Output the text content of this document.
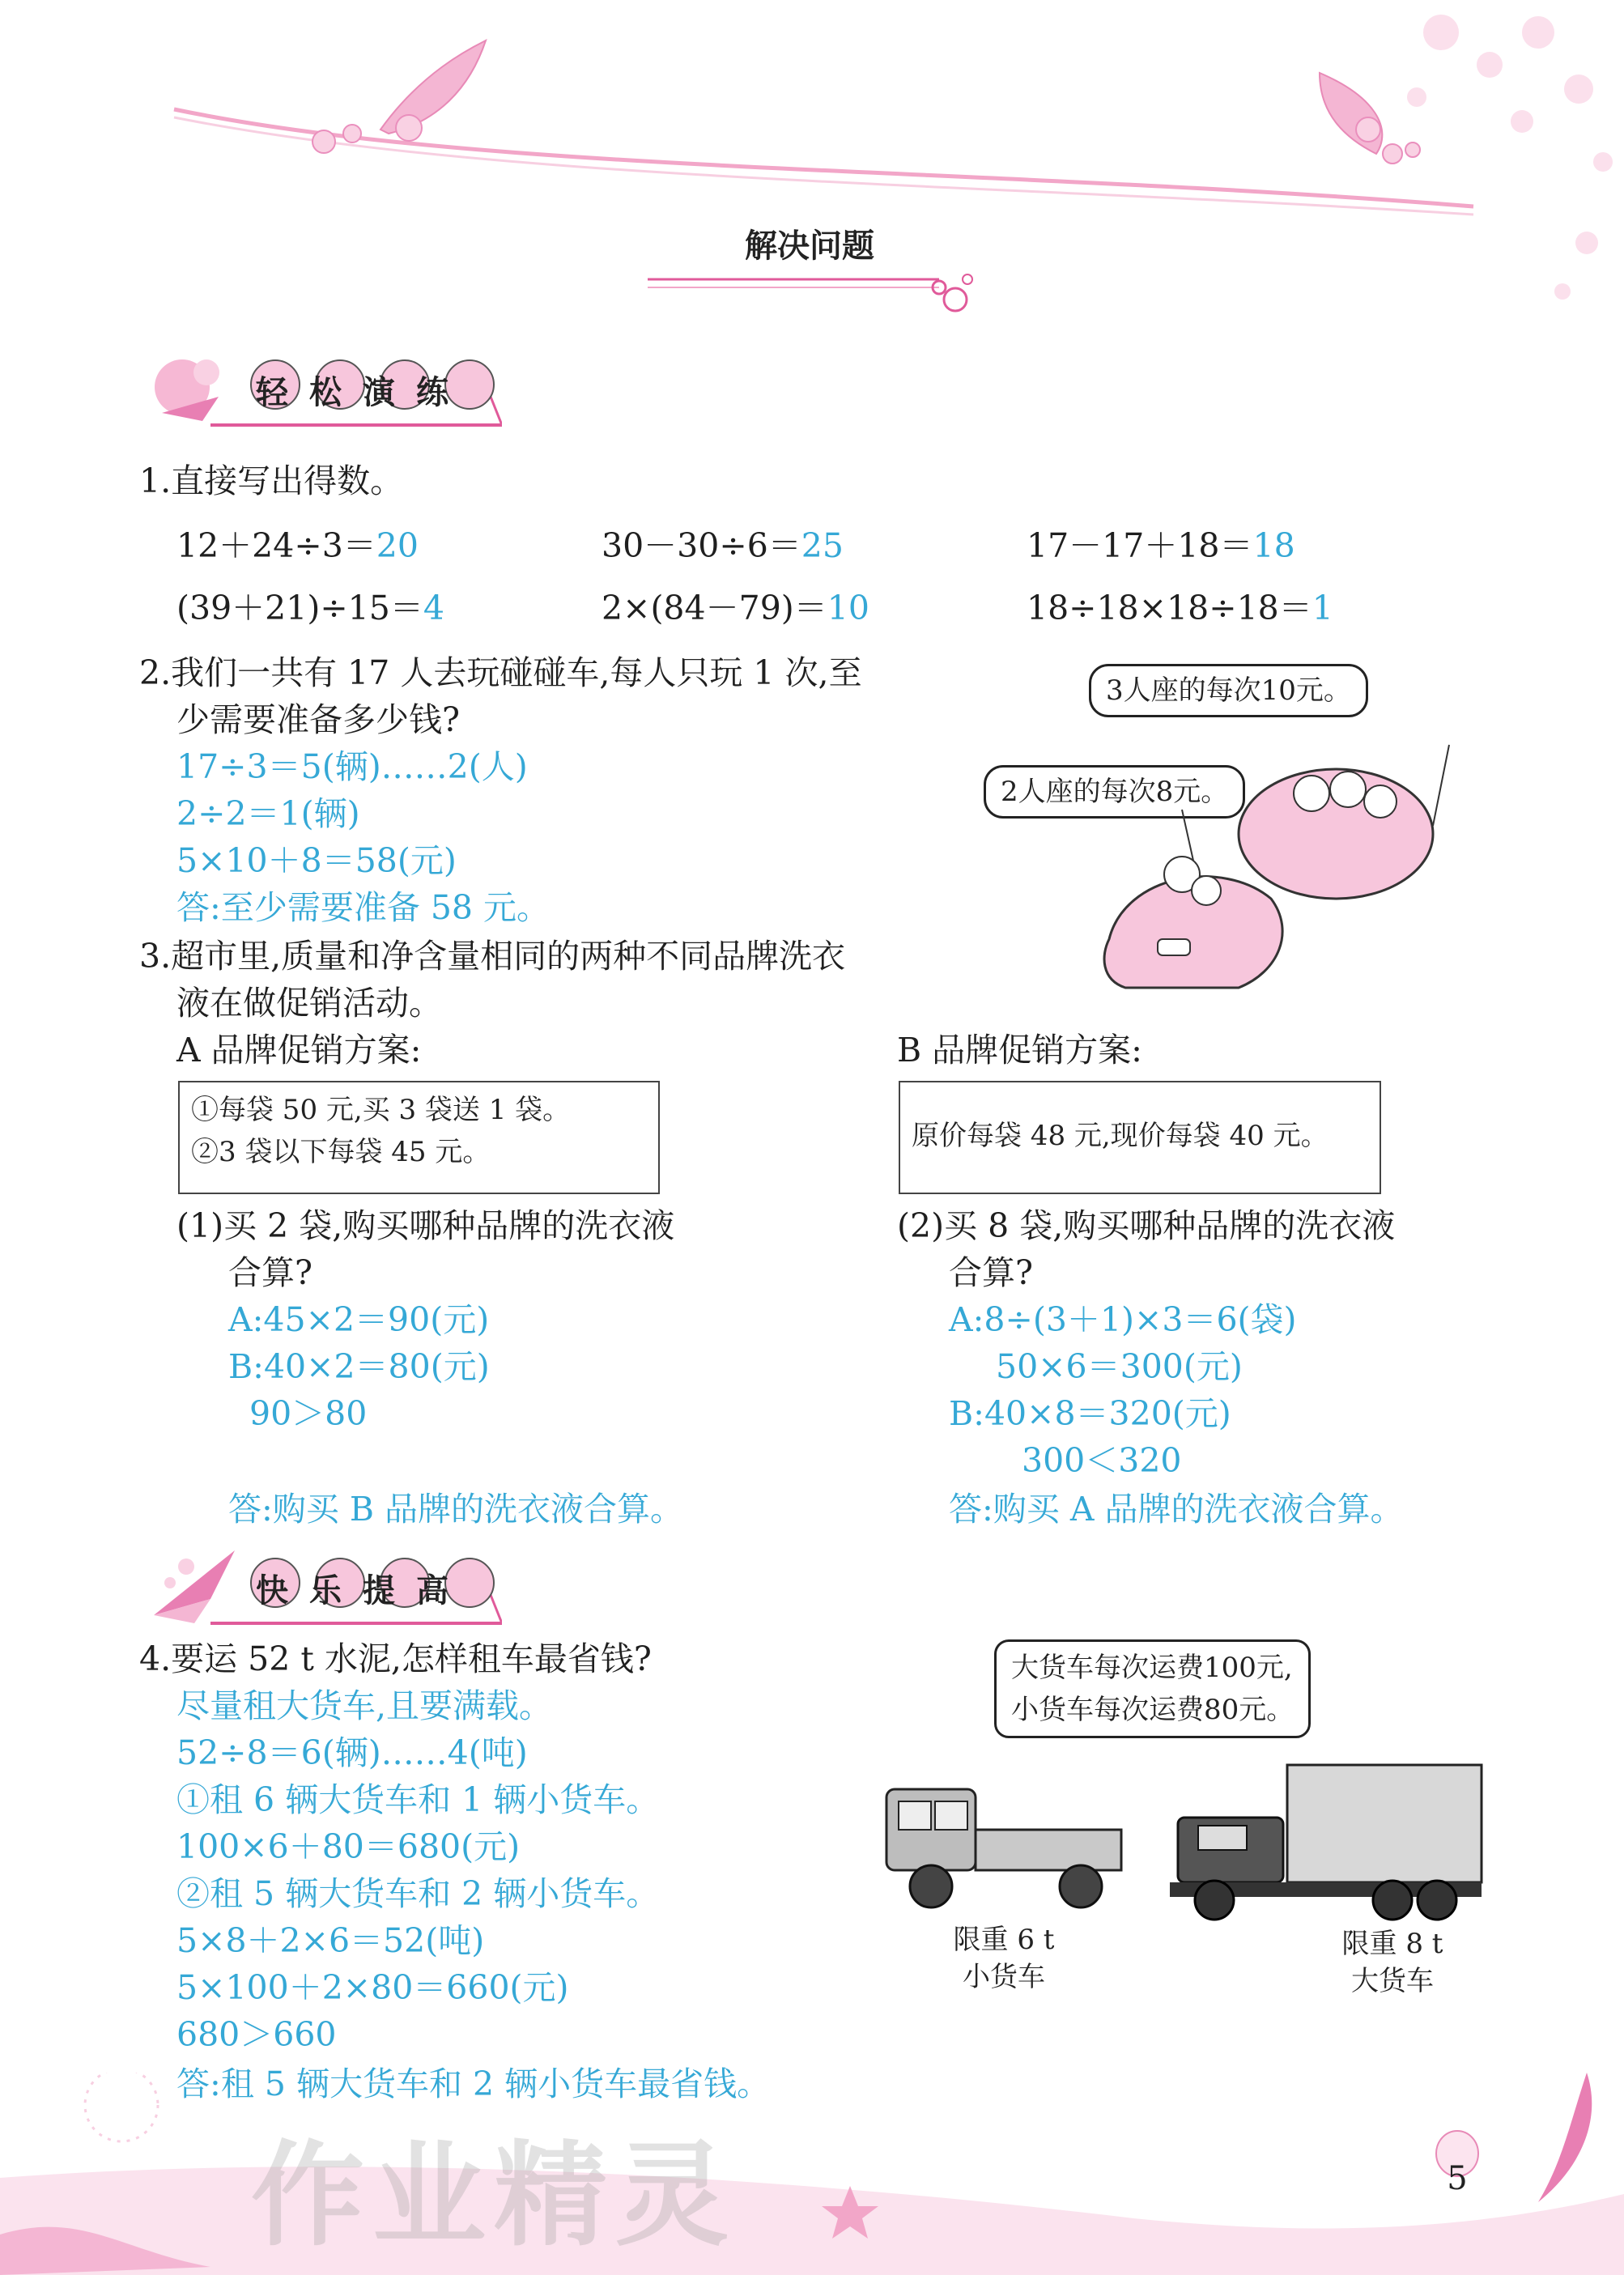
解决问题
轻松演练
1.直接写出得数。
12＋24÷3＝20	30－30÷6＝25	17－17＋18＝18
(39＋21)÷15＝4	2×(84－79)＝10	18÷18×18÷18＝1
2.我们一共有 17 人去玩碰碰车,每人只玩 1 次,至
少需要准备多少钱?
17÷3＝5(辆)……2(人)
2÷2＝1(辆)
5×10＋8＝58(元)
答:至少需要准备 58 元。
3人座的每次10元。
2人座的每次8元。
3.超市里,质量和净含量相同的两种不同品牌洗衣
液在做促销活动。
A 品牌促销方案:	B 品牌促销方案:
①每袋 50 元,买 3 袋送 1 袋。
②3 袋以下每袋 45 元。	原价每袋 48 元,现价每袋 40 元。
(1)买 2 袋,购买哪种品牌的洗衣液
合算?
A:45×2＝90(元)
B:40×2＝80(元)
90＞80
答:购买 B 品牌的洗衣液合算。
(2)买 8 袋,购买哪种品牌的洗衣液
合算?
A:8÷(3＋1)×3＝6(袋)
50×6＝300(元)
B:40×8＝320(元)
300＜320
答:购买 A 品牌的洗衣液合算。
快乐提高
4.要运 52 t 水泥,怎样租车最省钱?
尽量租大货车,且要满载。
52÷8＝6(辆)……4(吨)
①租 6 辆大货车和 1 辆小货车。
100×6＋80＝680(元)
②租 5 辆大货车和 2 辆小货车。
5×8＋2×6＝52(吨)
5×100＋2×80＝660(元)
680＞660
答:租 5 辆大货车和 2 辆小货车最省钱。
大货车每次运费100元,
小货车每次运费80元。
限重 6 t
小货车
限重 8 t
大货车
作业精灵	5
